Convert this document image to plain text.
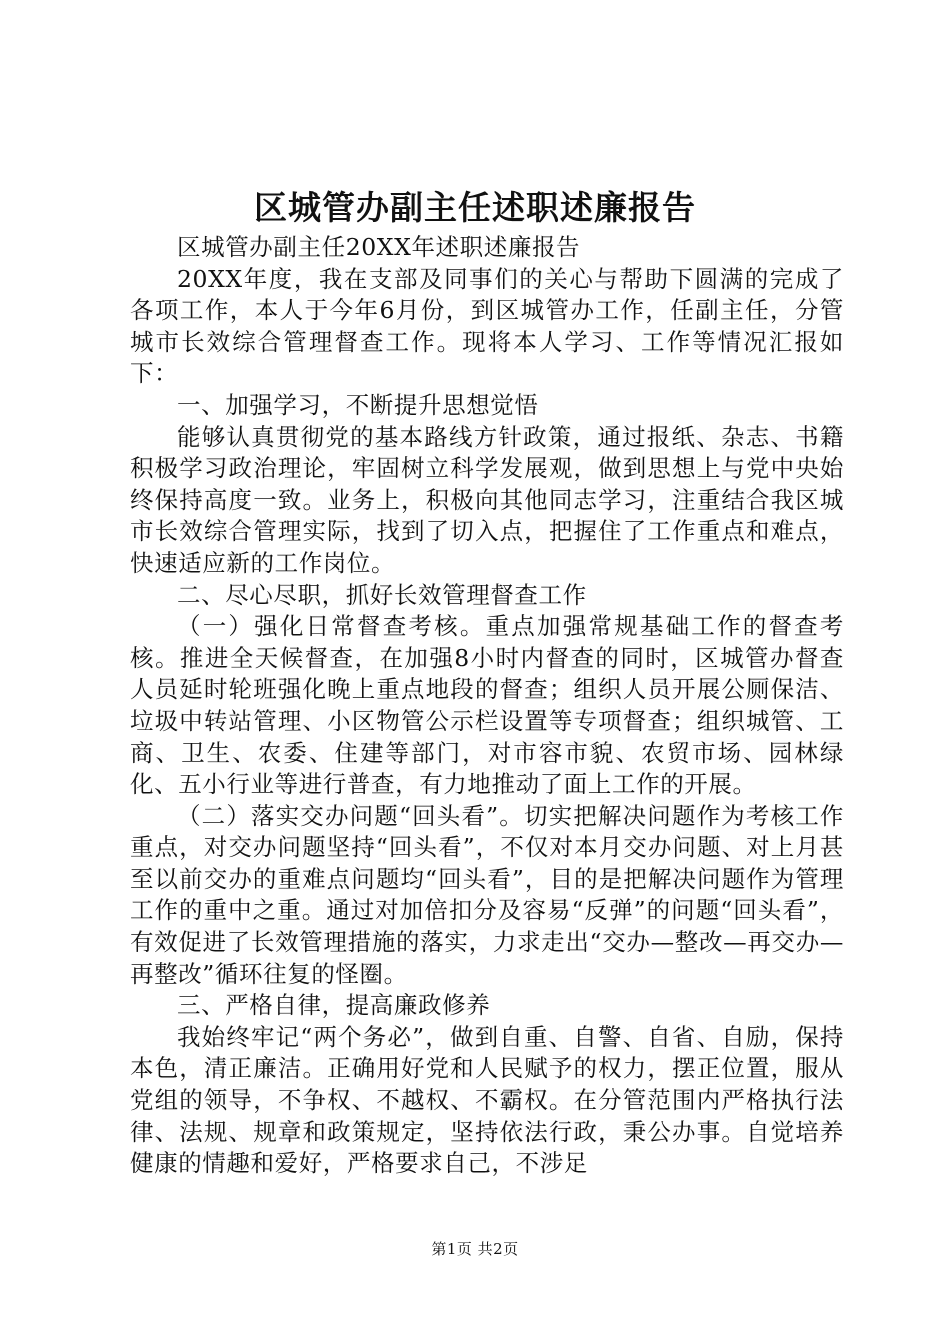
区城管办副主任述职述廉报告

区城管办副主任20XX年述职述廉报告

20XX年度，我在支部及同事们的关心与帮助下圆满的完成了各项工作，本人于今年6月份，到区城管办工作，任副主任，分管城市长效综合管理督查工作。现将本人学习、工作等情况汇报如下：

一、加强学习，不断提升思想觉悟

能够认真贯彻党的基本路线方针政策，通过报纸、杂志、书籍积极学习政治理论，牢固树立科学发展观，做到思想上与党中央始终保持高度一致。业务上，积极向其他同志学习，注重结合我区城市长效综合管理实际，找到了切入点，把握住了工作重点和难点，快速适应新的工作岗位。

二、尽心尽职，抓好长效管理督查工作

（一）强化日常督查考核。重点加强常规基础工作的督查考核。推进全天候督查，在加强8小时内督查的同时，区城管办督查人员延时轮班强化晚上重点地段的督查；组织人员开展公厕保洁、垃圾中转站管理、小区物管公示栏设置等专项督查；组织城管、工商、卫生、农委、住建等部门，对市容市貌、农贸市场、园林绿化、五小行业等进行普查，有力地推动了面上工作的开展。

（二）落实交办问题“回头看”。切实把解决问题作为考核工作重点，对交办问题坚持“回头看”，不仅对本月交办问题、对上月甚至以前交办的重难点问题均“回头看”，目的是把解决问题作为管理工作的重中之重。通过对加倍扣分及容易“反弹”的问题“回头看”，有效促进了长效管理措施的落实，力求走出“交办—整改—再交办—再整改”循环往复的怪圈。

三、严格自律，提高廉政修养

我始终牢记“两个务必”，做到自重、自警、自省、自励，保持本色，清正廉洁。正确用好党和人民赋予的权力，摆正位置，服从党组的领导，不争权、不越权、不霸权。在分管范围内严格执行法律、法规、规章和政策规定，坚持依法行政，秉公办事。自觉培养健康的情趣和爱好，严格要求自己，不涉足

第1页 共2页
